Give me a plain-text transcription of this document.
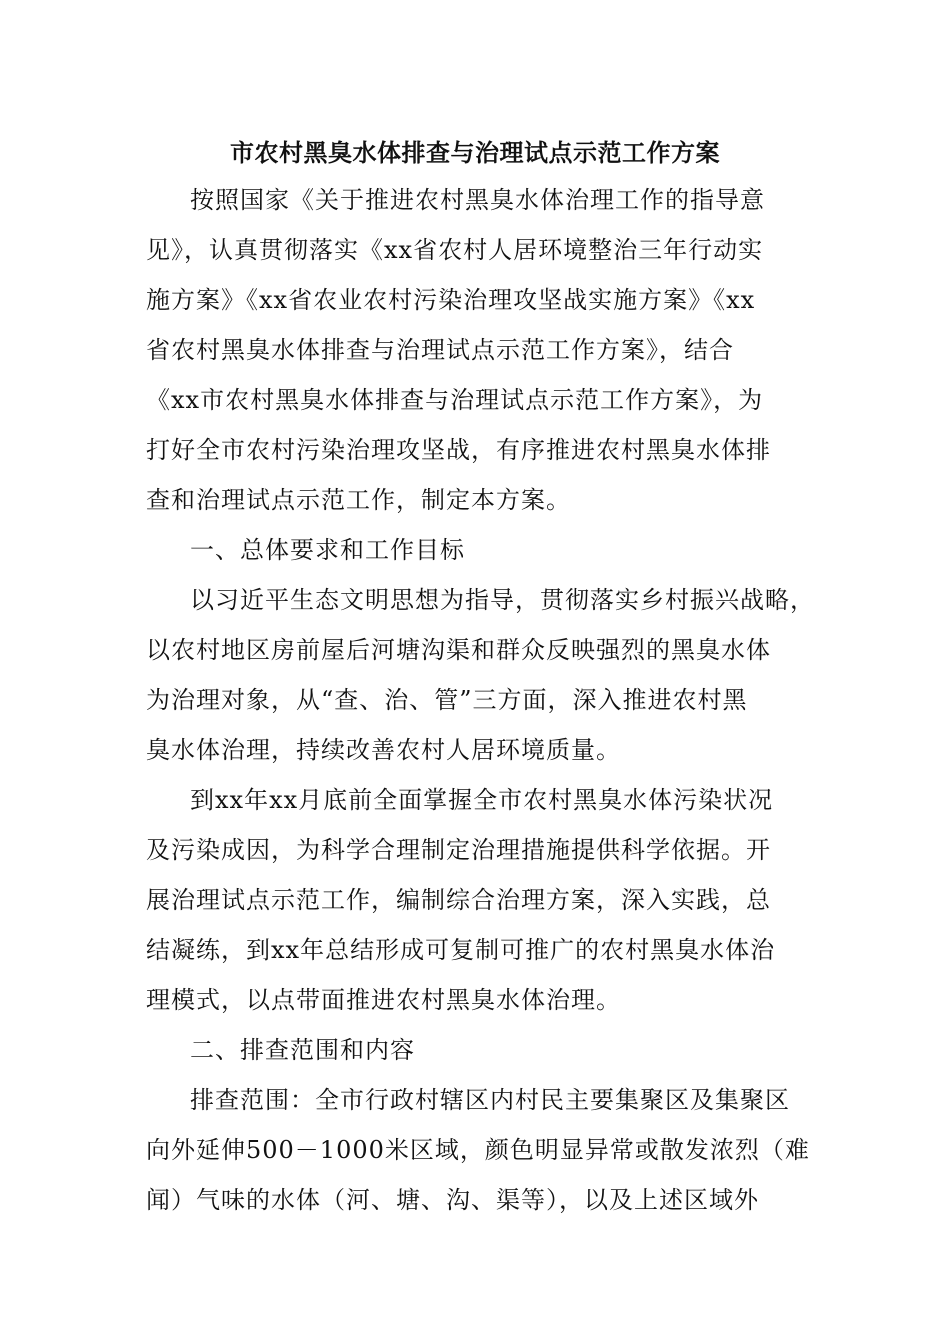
市农村黑臭水体排查与治理试点示范工作方案
按照国家《关于推进农村黑臭水体治理工作的指导意
见》，认真贯彻落实《xx省农村人居环境整治三年行动实
施方案》《xx省农业农村污染治理攻坚战实施方案》《xx
省农村黑臭水体排查与治理试点示范工作方案》，结合
《xx市农村黑臭水体排查与治理试点示范工作方案》，为
打好全市农村污染治理攻坚战，有序推进农村黑臭水体排
查和治理试点示范工作，制定本方案。
一、总体要求和工作目标
以习近平生态文明思想为指导，贯彻落实乡村振兴战略，
以农村地区房前屋后河塘沟渠和群众反映强烈的黑臭水体
为治理对象，从“查、治、管”三方面，深入推进农村黑
臭水体治理，持续改善农村人居环境质量。
到xx年xx月底前全面掌握全市农村黑臭水体污染状况
及污染成因，为科学合理制定治理措施提供科学依据。开
展治理试点示范工作，编制综合治理方案，深入实践，总
结凝练，到xx年总结形成可复制可推广的农村黑臭水体治
理模式，以点带面推进农村黑臭水体治理。
二、排查范围和内容
排查范围：全市行政村辖区内村民主要集聚区及集聚区
向外延伸500－1000米区域，颜色明显异常或散发浓烈（难
闻）气味的水体（河、塘、沟、渠等），以及上述区域外
